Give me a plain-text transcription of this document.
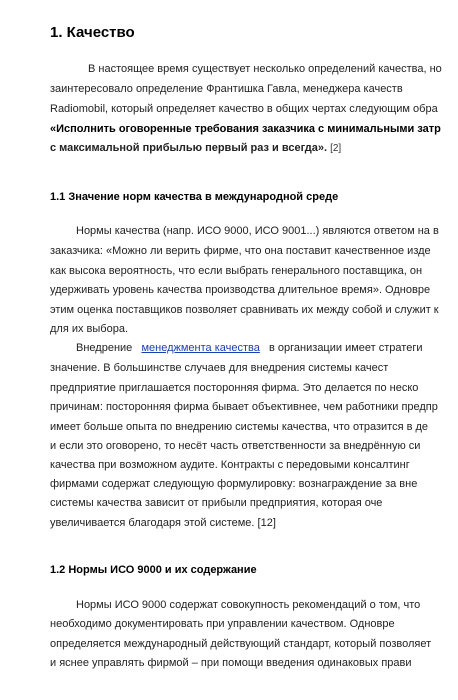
1. Качество
В настоящее время существует несколько определений качества, но
заинтересовало определение Франтишка Гавла, менеджера качеств
Radiomobil, который определяет качество в общих чертах следующим обра
«Исполнить оговоренные требования заказчика с минимальными затр
с максимальной прибылью первый раз и всегда». [2]
1.1 Значение норм качества в международной среде
Нормы качества (напр. ИСО 9000, ИСО 9001...) являются ответом на в
заказчика: «Можно ли верить фирме, что она поставит качественное изде
как высока вероятность, что если выбрать генерального поставщика, он
удерживать уровень качества производства длительное время». Одновре
этим оценка поставщиков позволяет сравнивать их между собой и служит к
для их выбора.
Внедрение менеджмента качества в организации имеет стратеги
значение. В большинстве случаев для внедрения системы качест
предприятие приглашается посторонняя фирма. Это делается по неско
причинам: посторонняя фирма бывает объективнее, чем работники предпр
имеет больше опыта по внедрению системы качества, что отразится в де
и если это оговорено, то несёт часть ответственности за внедрённую си
качества при возможном аудите. Контракты с передовыми консалтинг
фирмами содержат следующую формулировку: вознаграждение за вне
системы качества зависит от прибыли предприятия, которая оче
увеличивается благодаря этой системе. [12]
1.2 Нормы ИСО 9000 и их содержание
Нормы ИСО 9000 содержат совокупность рекомендаций о том, что
необходимо документировать при управлении качеством. Одновре
определяется международный действующий стандарт, который позволяет
и яснее управлять фирмой – при помощи введения одинаковых прави
